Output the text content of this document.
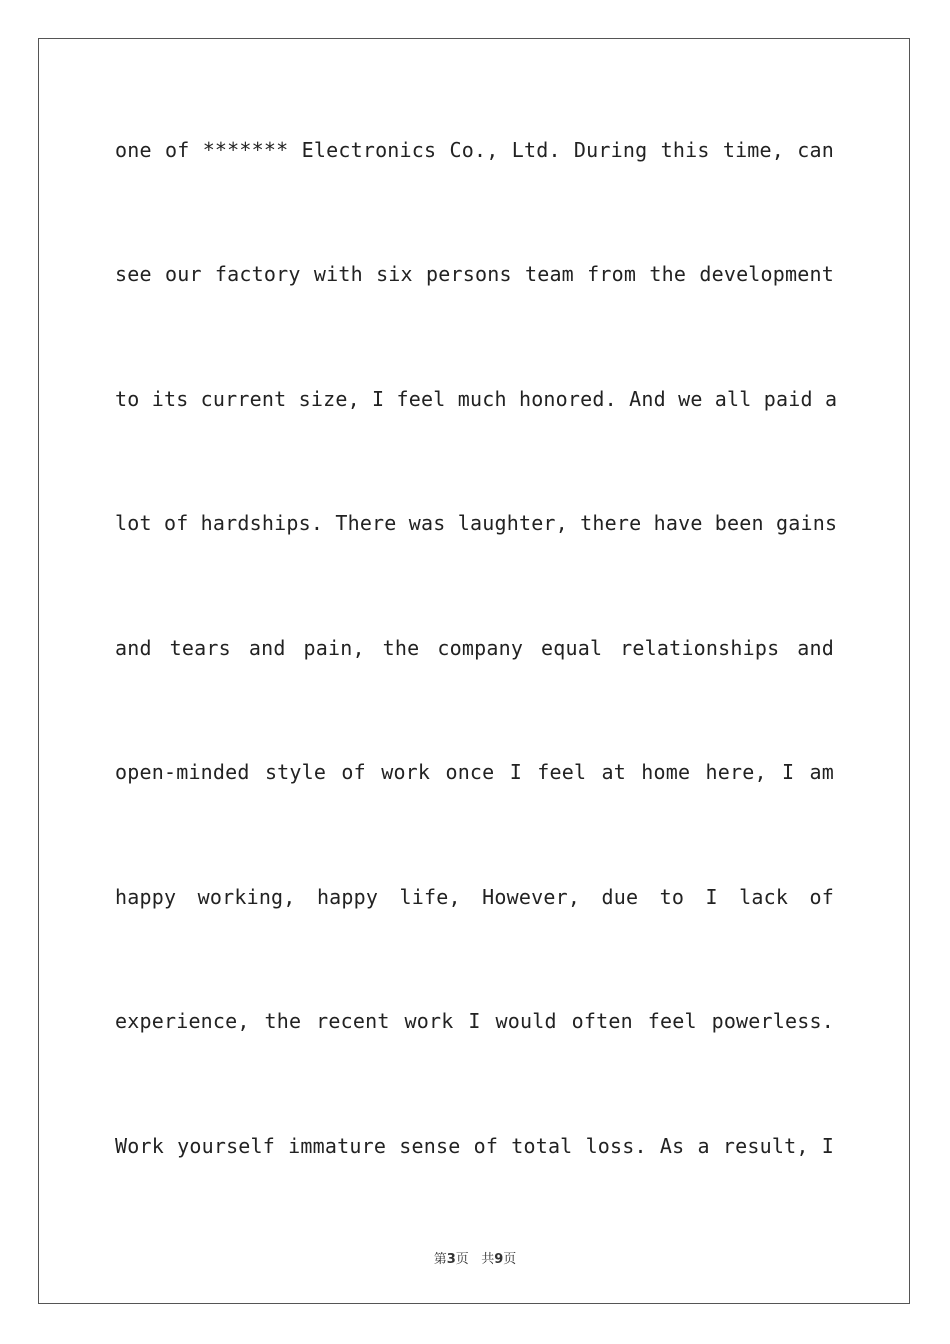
one of ******* Electronics Co., Ltd. During this time, can
see our factory with six persons team from the development
to its current size, I feel much honored. And we all paid a
lot of hardships. There was laughter, there have been gains
and tears and pain, the company equal relationships and
open-minded style of work once I feel at home here, I am
happy working, happy life, However, due to I lack of
experience, the recent work I would often feel powerless.
Work yourself immature sense of total loss. As a result, I
第3页 共9页
